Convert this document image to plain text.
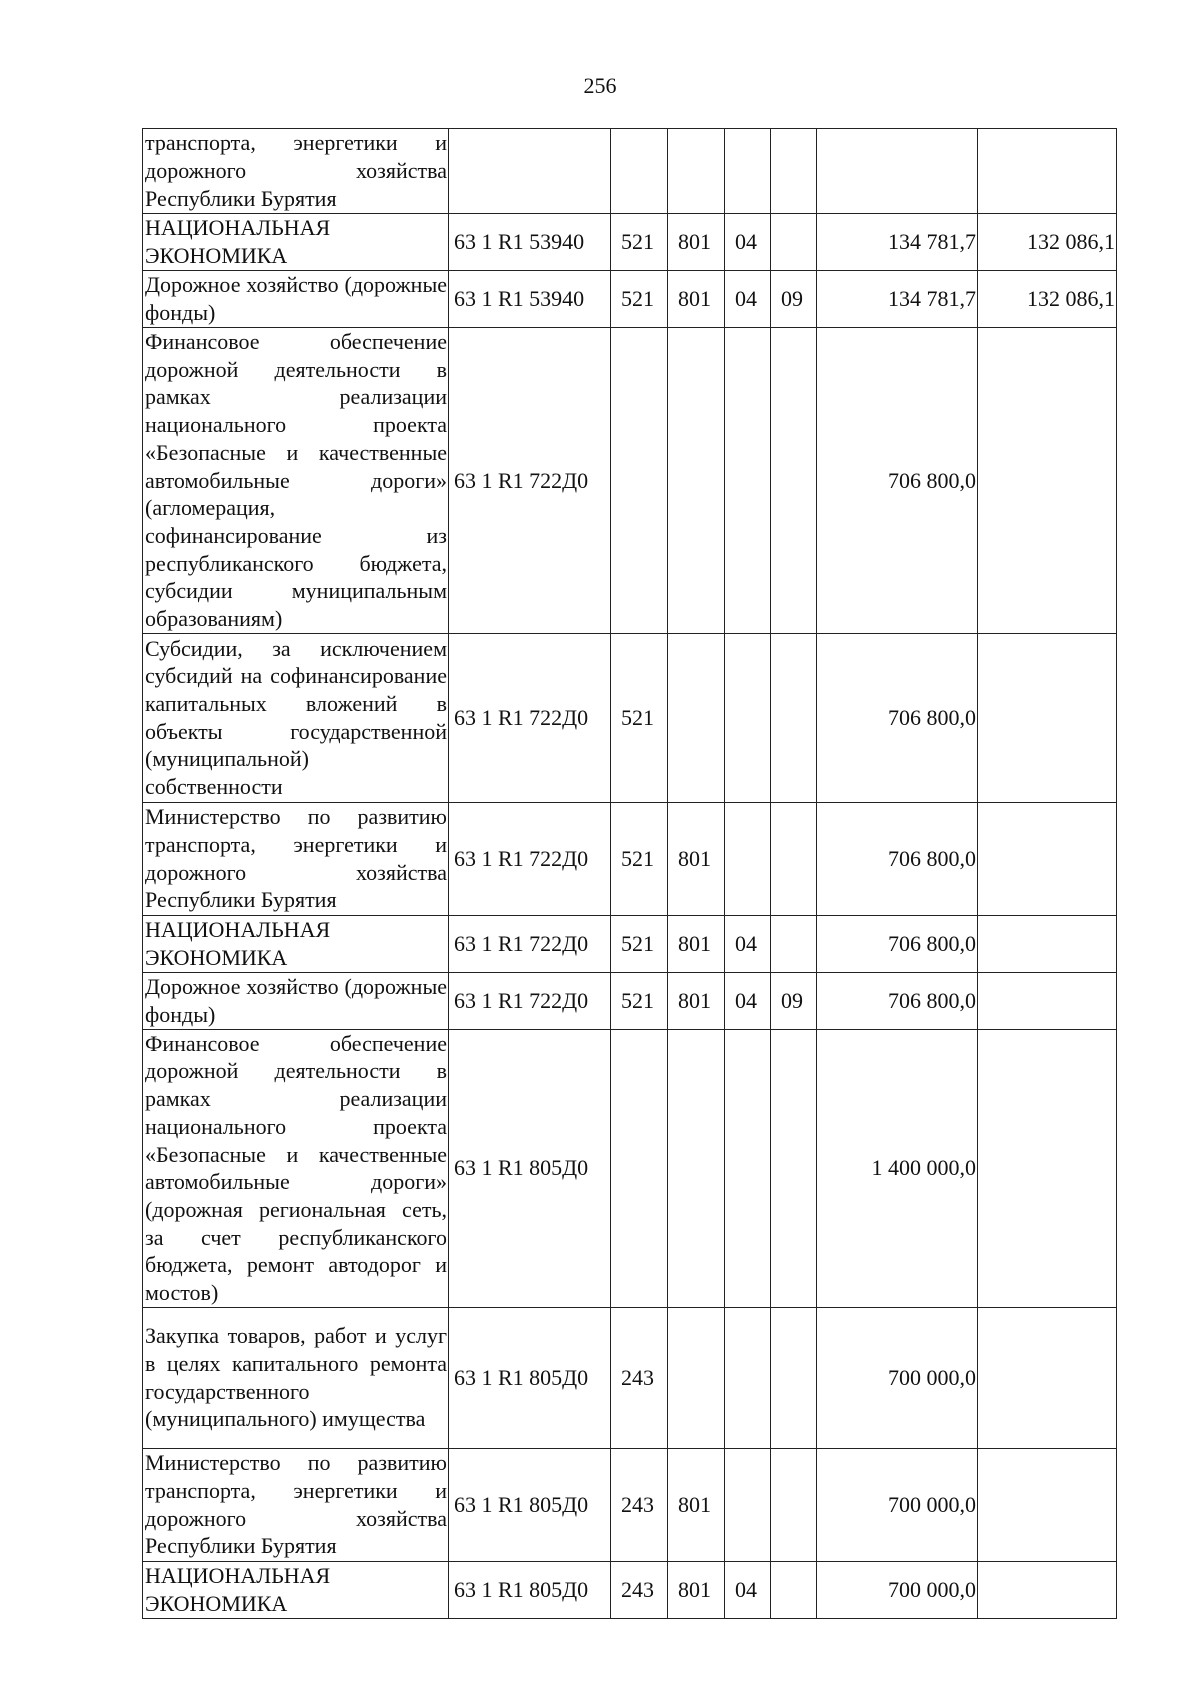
256
транспорта, энергетики и дорожного хозяйства Республики Бурятия							
НАЦИОНАЛЬНАЯ ЭКОНОМИКА	63 1 R1 53940	521	801	04		134 781,7	132 086,1
Дорожное хозяйство (дорожные фонды)	63 1 R1 53940	521	801	04	09	134 781,7	132 086,1
Финансовое обеспечение дорожной деятельности в рамках реализации национального проекта «Безопасные и качественные автомобильные дороги» (агломерация, софинансирование из республиканского бюджета, субсидии муниципальным образованиям)	63 1 R1 722Д0					706 800,0	
Субсидии, за исключением субсидий на софинансирование капитальных вложений в объекты государственной (муниципальной) собственности	63 1 R1 722Д0	521				706 800,0	
Министерство по развитию транспорта, энергетики и дорожного хозяйства Республики Бурятия	63 1 R1 722Д0	521	801			706 800,0	
НАЦИОНАЛЬНАЯ ЭКОНОМИКА	63 1 R1 722Д0	521	801	04		706 800,0	
Дорожное хозяйство (дорожные фонды)	63 1 R1 722Д0	521	801	04	09	706 800,0	
Финансовое обеспечение дорожной деятельности в рамках реализации национального проекта «Безопасные и качественные автомобильные дороги» (дорожная региональная сеть, за счет республиканского бюджета, ремонт автодорог и мостов)	63 1 R1 805Д0					1 400 000,0	
Закупка товаров, работ и услуг в целях капитального ремонта государственного (муниципального) имущества	63 1 R1 805Д0	243				700 000,0	
Министерство по развитию транспорта, энергетики и дорожного хозяйства Республики Бурятия	63 1 R1 805Д0	243	801			700 000,0	
НАЦИОНАЛЬНАЯ ЭКОНОМИКА	63 1 R1 805Д0	243	801	04		700 000,0	
